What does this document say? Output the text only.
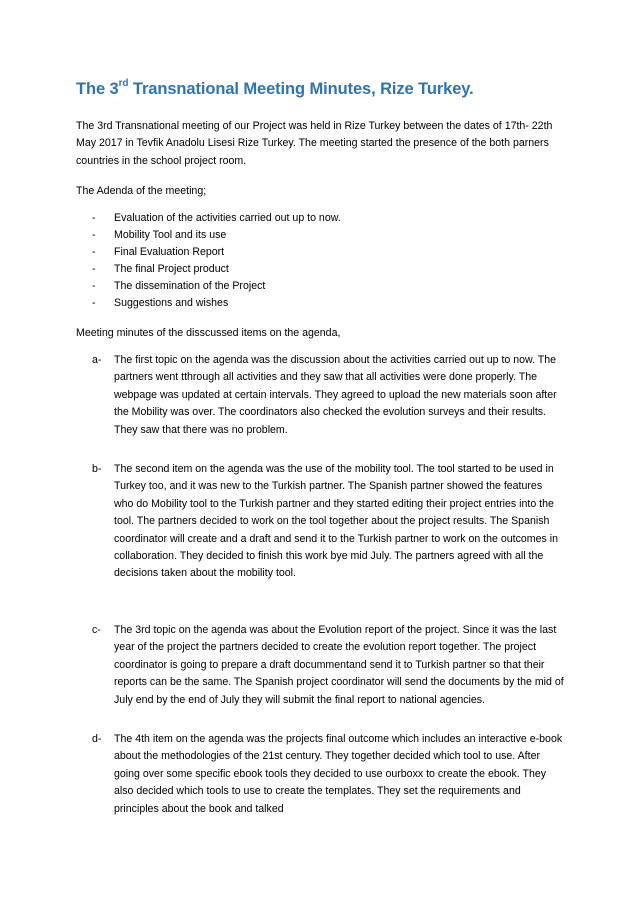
The 3rd Transnational Meeting Minutes, Rize Turkey.

The 3rd Transnational meeting of our Project was held in Rize Turkey between the dates of 17th- 22th May 2017 in Tevfik Anadolu Lisesi Rize Turkey. The meeting started the presence of the both parners countries in the school project room.

The Adenda of the meeting;

- Evaluation of the activities carried out up to now.
- Mobility Tool and its use
- Final Evaluation Report
- The final Project product
- The dissemination of the Project
- Suggestions and wishes

Meeting minutes of the disscussed items on the agenda,

a- The first topic on the agenda was the discussion about the activities carried out up to now. The partners went tthrough all activities and they saw that all activities were done properly. The webpage was updated at certain intervals. They agreed to upload the new materials soon after the Mobility was over. The coordinators also checked the evolution surveys and their results. They saw that there was no problem.
b- The second item on the agenda was the use of the mobility tool. The tool started to be used in Turkey too, and it was new to the Turkish partner. The Spanish partner showed the features who do Mobility tool to the Turkish partner and they started editing their project entries into the tool. The partners decided to work on the tool together about the project results. The Spanish coordinator will create and a draft and send it to the Turkish partner to work on the outcomes in collaboration. They decided to finish this work bye mid July. The partners agreed with all the decisions taken about the mobility tool.
c- The 3rd topic on the agenda was about the Evolution report of the project. Since it was the last year of the project the partners decided to create the evolution report together. The project coordinator is going to prepare a draft docummentand send it to Turkish partner so that their reports can be the same. The Spanish project coordinator will send the documents by the mid of July end by the end of July they will submit the final report to national agencies.
d- The 4th item on the agenda was the projects final outcome which includes an interactive e-book about the methodologies of the 21st century. They together decided which tool to use. After going over some specific ebook tools they decided to use ourboxx to create the ebook. They also decided which tools to use to create the templates. They set the requirements and principles about the book and talked
